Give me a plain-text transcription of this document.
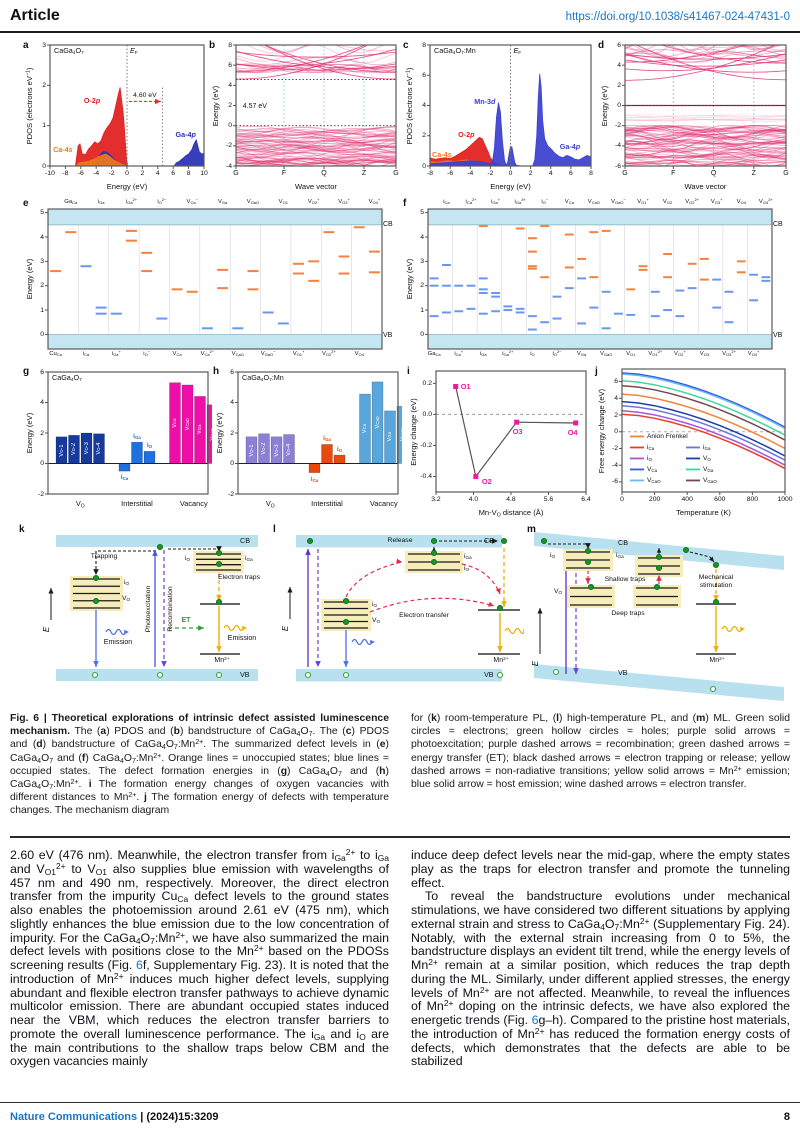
Article	https://doi.org/10.1038/s41467-024-47431-0
$E_F$
4.60 eV
O-2p
Ca-4s
Ga-4p
$CaGa_4O_7$
0
1
2
3
-10	-8	-6	-4	-2	0	2	4	6	8	10
Energy (eV)
PDOS (electrons $eV^{-1}$)
a
4.57 eV
-4
-2
0
2
4
6
8
G	F	Q	Z	G
Wave vector
Energy (eV)
b	$E_F$
O-2p
Ca-4s
Mn-3d
Ga-4p
$CaGa_4O_7:Mn$
0
2
4
6
8
-8	-6	-4	-2	0	2	4	6	8
Energy (eV)
PDOS (electrons $eV^{-1}$)
c
-6
-4
-2
0
2
4
6
G	F	Q	Z	G
Wave vector
Energy (eV)
d
0
1
2
3
4
5
Energy (eV)
$Ga_{Ca}$	$i_{Ga}$	$i_{Ga}^{2+}$	$i_O^{2-}$	$V_{Ca}^-$	$V_{Ga}$	$V_{GaO}$	$V_{O1}$	$V_{O2}^+$	$V_{O3}^+$	$V_{O4}^+$
$Cu_{Ca}$	$i_{Ca}$	$i_{Ga}^+$	$i_O^-$	$V_{Ca}$	$V_{Ca}^{2-}$	$V_{CaO}$	$V_{GaO}^-$	$V_{O1}^+$	$V_{O2}^{2+}$	$V_{O4}$
CB
VB
e
0
1
2
3
4
5
Energy (eV)
$i_{Ca}$	$i_{Ca}^{2+}$	$i_{Ga}^+$	$i_{Ga}^{3+}$	$i_O^-$	$V_{Ca}$	$V_{CaO}$	$V_{GaO}^-$	$V_{O1}^+$	$V_{O2}$	$V_{O2}^{2+}$	$V_{O3}^+$	$V_{O4}$	$V_{O4}^{2+}$
$Ga_{Ca}$	$i_{Ca}^+$	$i_{Ga}$	$i_{Ga}^{2+}$	$i_O$	$i_O^{2-}$	$V_{Ga}$	$V_{GaO}$	$V_{O1}$	$V_{O1}^{2+}$	$V_{O2}^+$	$V_{O3}$	$V_{O3}^{2+}$	$V_{O4}^+$
CB
VB
f
V
O
-1
V
O
-2
V
O
-3
V
O
-4
$V_O$
$i_{Ca}$
$i_{Ga}$
$i_O$
Interstitial
V
Ca
V
CaO
V
Ga
V
GaO
Vacancy
-2
0
2
4
6
Energy (eV)
$CaGa_4O_7$
g
V
O
-1
V
O
-2
V
O
-3
V
O
-4
$V_O$
$i_{Ca}$
$i_{Ga}$
$i_O$
Interstitial
V
Ca V
CaO
V
Ga
V
GaO
Vacancy
-2
0
2
4
6
Energy (eV)
$CaGa_4O_7:Mn$
h
O1
O2
O3	O4
0.2
0.0
-0.2
-0.4
3.2	4.0	4.8	5.6	6.4
$Mn-V_O$ distance (Å)
Energy change (eV)
i
Anion Frenkel
$i_{Ca}$
$i_O$
$V_{Ca}$
$V_{CaO}$
$i_{Ga}$
$V_O$
$V_{Ga}$
$V_{GaO}$
-6
-4
-2
0
2
4
6
0	200	400	600	800	1000
Temperature (K)
Free energy change (eV)
j
k
CB
VB
E
Trapping
$i_O$
$V_O$
Emission
Photoexcitation Recombination
$i_O$	$i_{Ga}$
Electron traps
Emission
$Mn^{2+}$
ET
l
CB
VB
E
Release
$i_{Ga}$
$i_O$
$i_O$
$V_O$
Electron transfer
$Mn^{2+}$
m
CB
VB
E
$i_O$	$i_{Ga}$
$V_O$
Shallow traps
Deep traps
Mechanical stimulation
$Mn^{2+}$
Fig. 6 | Theoretical explorations of intrinsic defect assisted luminescence mechanism. The (a) PDOS and (b) bandstructure of $CaGa_4O_7$. The (c) PDOS and (d) bandstructure of $CaGa_4O_7:Mn^{2+}$. The summarized defect levels in (e) $CaGa_4O_7$ and (f) $CaGa_4O_7:Mn^{2+}$. Orange lines = unoccupied states; blue lines = occupied states. The defect formation energies in (g) $CaGa_4O_7$ and (h) $CaGa_4O_7:Mn^{2+}$. i The formation energy changes of oxygen vacancies with different distances to $Mn^{2+}$. j The formation energy of defects with temperature changes. The mechanism diagram
for (k) room-temperature PL, (l) high-temperature PL, and (m) ML. Green solid circles = electrons; green hollow circles = holes; purple solid arrows = photoexcitation; purple dashed arrows = recombination; green dashed arrows = energy transfer (ET); black dashed arrows = electron trapping or release; yellow dashed arrows = non-radiative transitions; yellow solid arrows = $Mn^{2+}$ emission; blue solid arrow = host emission; wine dashed arrows = electron transfer.

2.60 eV (476 nm). Meanwhile, the electron transfer from $i_{Ga}^{2+}$ to $i_{Ga}$ and $V_{O1}^{2+}$ to $V_{O1}$ also supplies blue emission with wavelengths of 457 nm and 490 nm, respectively. Moreover, the direct electron transfer from the impurity $Cu_{Ca}$ defect levels to the ground states also enables the photoemission around 2.61 eV (475 nm), which slightly enhances the blue emission due to the low concentration of impurity. For the $CaGa_4O_7:Mn^{2+}$, we have also summarized the main defect levels with positions close to the $Mn^{2+}$ based on the PDOSs screening results (Fig. 6f, Supplementary Fig. 23). It is noted that the introduction of $Mn^{2+}$ induces much higher defect levels, supplying abundant and flexible electron transfer pathways to achieve dynamic multicolor emission. There are abundant occupied states induced near the VBM, which reduces the electron transfer barriers to promote the overall luminescence performance. The $i_{Ga}$ and $i_O$ are the main contributions to the shallow traps below CBM and the oxygen vacancies mainly

induce deep defect levels near the mid-gap, where the empty states play as the traps for electron transfer and promote the tunneling effect.

To reveal the bandstructure evolutions under mechanical stimulations, we have considered two different situations by applying external strain and stress to $CaGa_4O_7:Mn^{2+}$ (Supplementary Fig. 24). Notably, with the external strain increasing from 0 to 5%, the bandstructure displays an evident tilt trend, while the energy levels of $Mn^{2+}$ remain at a similar position, which reduces the trap depth during the ML. Similarly, under different applied stresses, the energy levels of $Mn^{2+}$ are not affected. Meanwhile, to reveal the influences of $Mn^{2+}$ doping on the intrinsic defects, we have also explored the energetic trends (Fig. 6g–h). Compared to the pristine host materials, the introduction of $Mn^{2+}$ has reduced the formation energy costs of defects, which demonstrates that the defects are able to be stabilized

Nature Communications | (2024)15:3209	8
